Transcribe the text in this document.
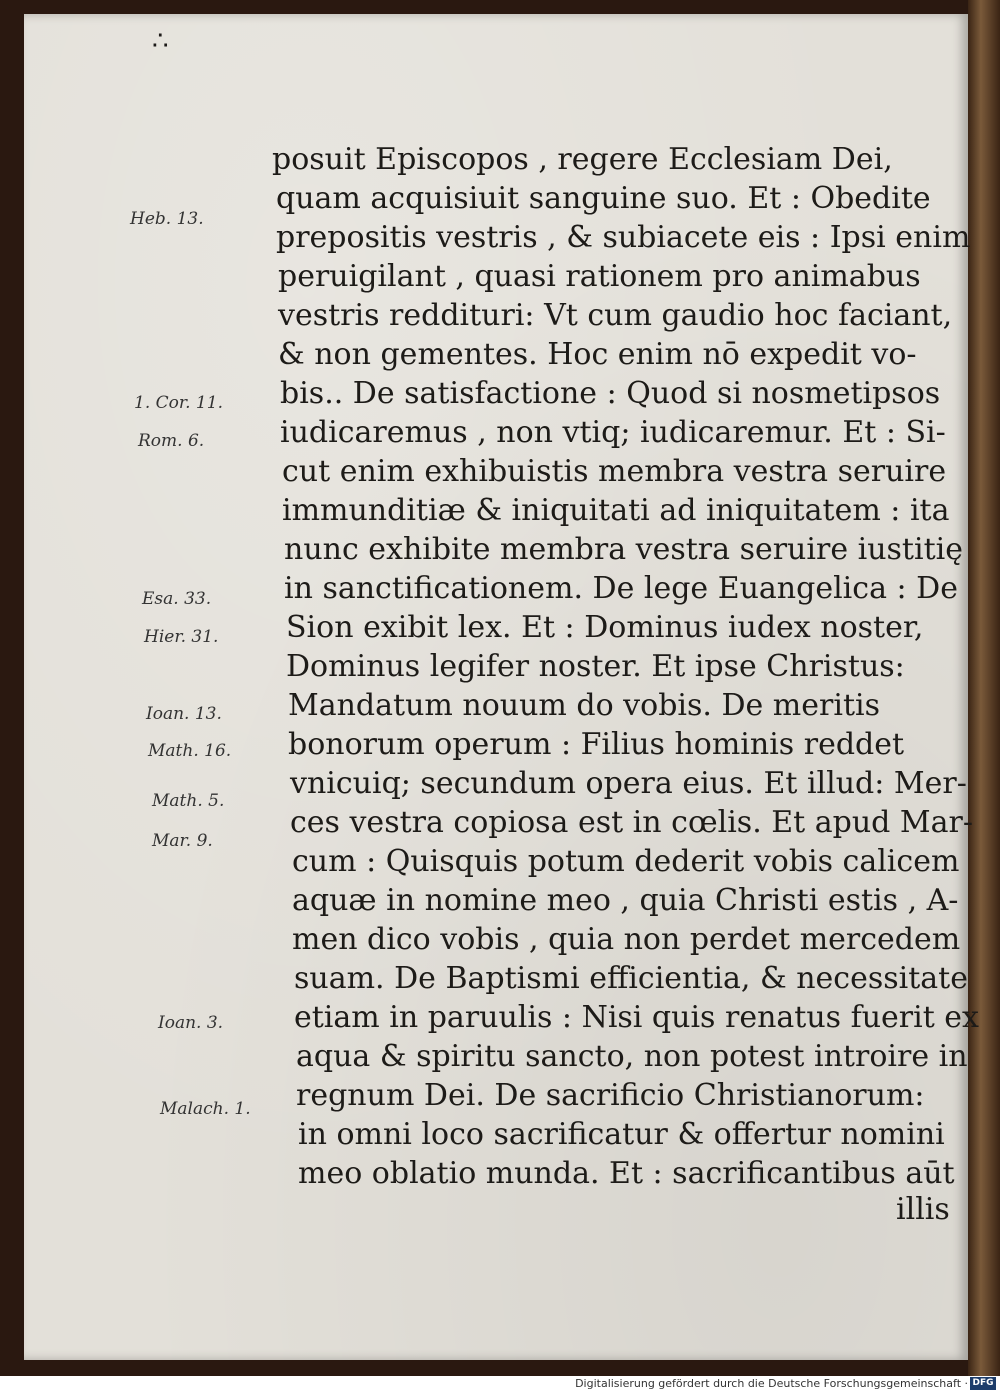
∴
posuit Episcopos , regere Ecclesiam Dei,
quam acquisiuit sanguine suo. Et : Obedite
prepositis vestris , & subiacete eis : Ipsi enim
peruigilant , quasi rationem pro animabus
vestris reddituri: Vt cum gaudio hoc faciant,
& non gementes. Hoc enim nō expedit vo-
bis.. De satisfactione : Quod si nosmetipsos
iudicaremus , non vtiq; iudicaremur. Et : Si-
cut enim exhibuistis membra vestra seruire
immunditiæ & iniquitati ad iniquitatem : ita
nunc exhibite membra vestra seruire iustitię
in sanctificationem. De lege Euangelica : De
Sion exibit lex. Et : Dominus iudex noster,
Dominus legifer noster. Et ipse Christus:
Mandatum nouum do vobis. De meritis
bonorum operum : Filius hominis reddet
vnicuiq; secundum opera eius. Et illud: Mer-
ces vestra copiosa est in cœlis. Et apud Mar-
cum : Quisquis potum dederit vobis calicem
aquæ in nomine meo , quia Christi estis , A-
men dico vobis , quia non perdet mercedem
suam. De Baptismi efficientia, & necessitate
etiam in paruulis : Nisi quis renatus fuerit ex
aqua & spiritu sancto, non potest introire in
regnum Dei. De sacrificio Christianorum:
in omni loco sacrificatur & offertur nomini
meo oblatio munda. Et : sacrificantibus aūt
illis
Heb. 13.
1. Cor. 11.
Rom. 6.
Esa. 33.
Hier. 31.
Ioan. 13.
Math. 16.
Math. 5.
Mar. 9.
Ioan. 3.
Malach. 1.
Digitalisierung gefördert durch die Deutsche Forschungsgemeinschaft · DFG
